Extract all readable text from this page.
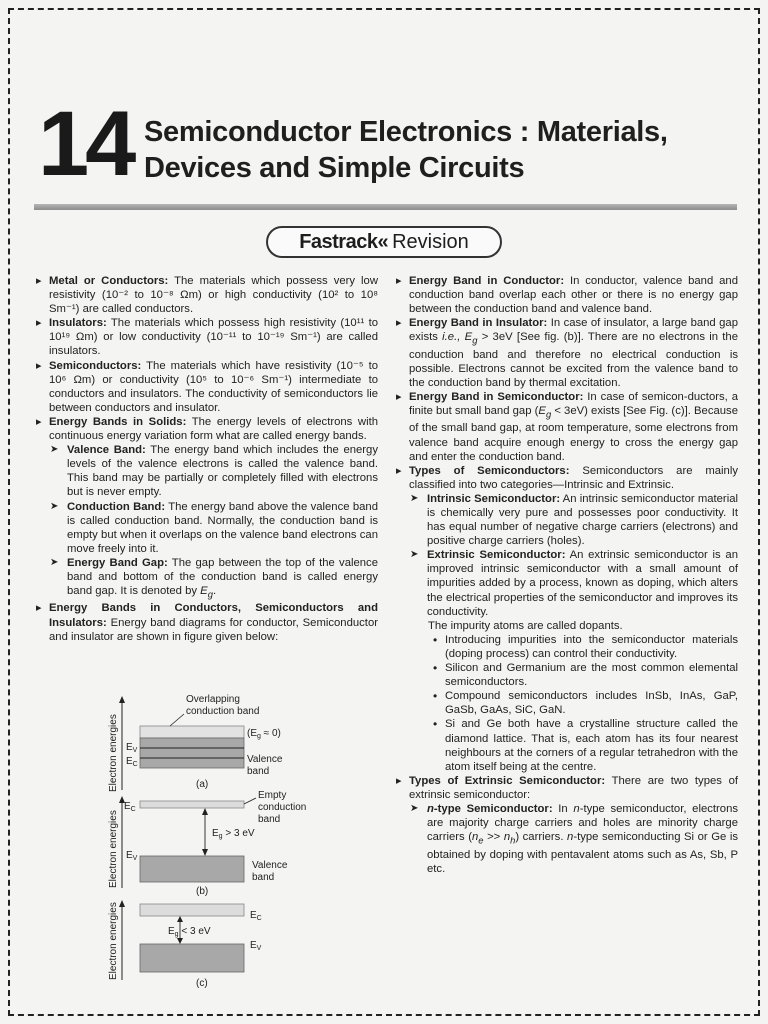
14 Semiconductor Electronics : Materials,
Devices and Simple Circuits
Fastrack« Revision

▸ Metal or Conductors: The materials which possess very low resistivity (10⁻² to 10⁻⁸ Ωm) or high conductivity (10² to 10⁸ Sm⁻¹) are called conductors.

▸ Insulators: The materials which possess high resistivity (10¹¹ to 10¹⁹ Ωm) or low conductivity (10⁻¹¹ to 10⁻¹⁹ Sm⁻¹) are called insulators.

▸ Semiconductors: The materials which have resistivity (10⁻⁵ to 10⁶ Ωm) or conductivity (10⁵ to 10⁻⁶ Sm⁻¹) intermediate to conductors and insulators. The conductivity of semiconductors lie between conductors and insulator.

▸ Energy Bands in Solids: The energy levels of electrons with continuous energy variation form what are called energy bands.

➤ Valence Band: The energy band which includes the energy levels of the valence electrons is called the valence band. This band may be partially or completely filled with electrons but is never empty.

➤ Conduction Band: The energy band above the valence band is called conduction band. Normally, the conduction band is empty but when it overlaps on the valence band electrons can move freely into it.

➤ Energy Band Gap: The gap between the top of the valence band and bottom of the conduction band is called energy band gap. It is denoted by $E_g$.

▸ Energy Bands in Conductors, Semiconductors and Insulators: Energy band diagrams for conductor, Semiconductor and insulator are shown in figure given below:

Electron energies
Overlapping
conduction band
$(E_g \approx 0)$
$E_V$
$E_C$	Valence
band
(a)
Electron energies
$E_C$
Empty
conduction
band
$E_g > 3$ eV
$E_V$
Valence
band
(b)
Electron energies	$E_C$
$E_g < 3$ eV
$E_V$
(c)

▸ Energy Band in Conductor: In conductor, valence band and conduction band overlap each other or there is no energy gap between the conduction band and valence band.

▸ Energy Band in Insulator: In case of insulator, a large band gap exists i.e., $E_g > 3eV$ [See fig. (b)]. There are no electrons in the conduction band and therefore no electrical conduction is possible. Electrons cannot be excited from the valence band to the conduction band by thermal excitation.

▸ Energy Band in Semiconductor: In case of semicon-ductors, a finite but small band gap $(E_g < 3eV)$ exists [See Fig. (c)]. Because of the small band gap, at room temperature, some electrons from valence band acquire enough energy to cross the energy gap and enter the conduction band.

▸ Types of Semiconductors: Semiconductors are mainly classified into two categories—Intrinsic and Extrinsic.

➤ Intrinsic Semiconductor: An intrinsic semiconductor material is chemically very pure and possesses poor conductivity. It has equal number of negative charge carriers (electrons) and positive charge carriers (holes).

➤ Extrinsic Semiconductor: An extrinsic semiconductor is an improved intrinsic semiconductor with a small amount of impurities added by a process, known as doping, which alters the electrical properties of the semiconductor and improves its conductivity.

The impurity atoms are called dopants.

• Introducing impurities into the semiconductor materials (doping process) can control their conductivity.

• Silicon and Germanium are the most common elemental semiconductors.

• Compound semiconductors includes InSb, InAs, GaP, GaSb, GaAs, SiC, GaN.

• Si and Ge both have a crystalline structure called the diamond lattice. That is, each atom has its four nearest neighbours at the corners of a regular tetrahedron with the atom itself being at the centre.

▸ Types of Extrinsic Semiconductor: There are two types of extrinsic semiconductor:

➤ n-type Semiconductor: In n-type semiconductor, electrons are majority charge carriers and holes are minority charge carriers $(n_e >> n_h)$ carriers. n-type semiconducting Si or Ge is obtained by doping with pentavalent atoms such as As, Sb, P etc.
